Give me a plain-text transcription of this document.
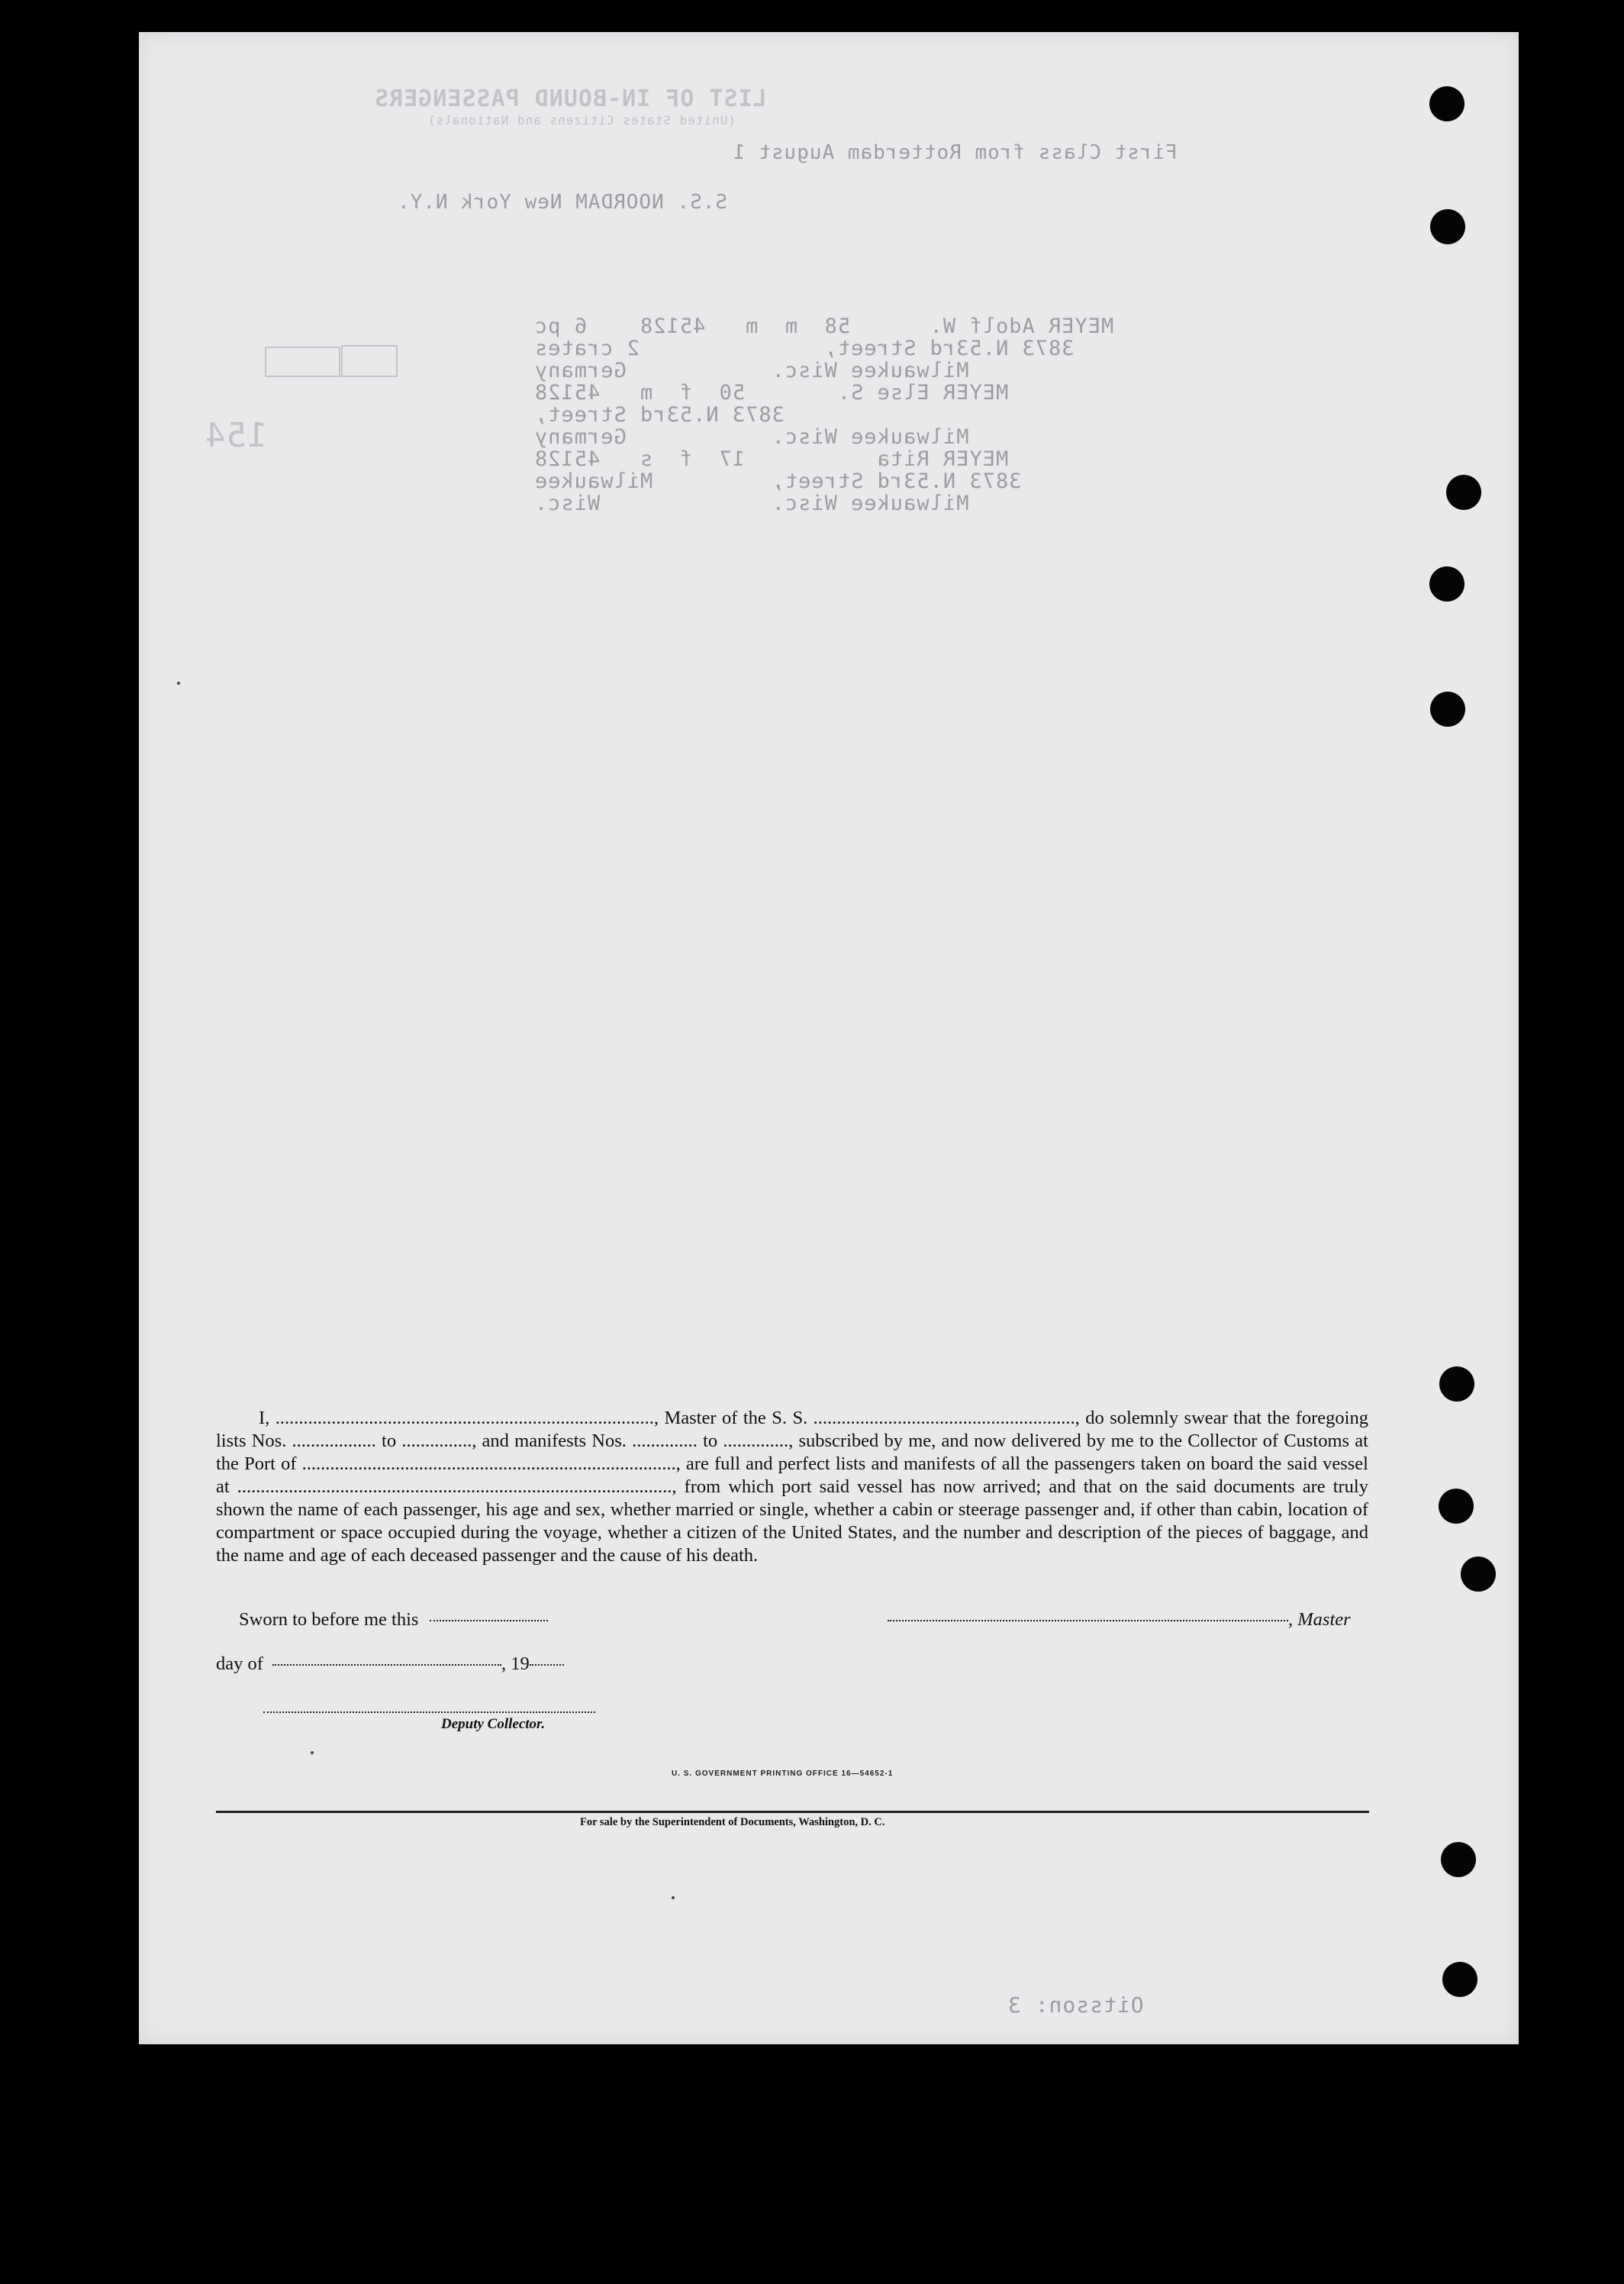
LIST OF IN-BOUND PASSENGERS
(United States Citizens and Nationals)
First Class from Rotterdam August 1
S.S. NOORDAM New York N.Y.
MEYER Adolf W.      58  m  m   45128    6 pc
3873 N.53rd Street,              2 crates
Milwaukee Wisc.           Germany
MEYER Else S.       50  f  m   45128
3873 N.53rd Street,
Milwaukee Wisc.           Germany
MEYER Rita          17  f  s   45128
3873 N.53rd Street,         Milwaukee
Milwaukee Wisc.             Wisc.
154
Oitsson: 3

I, ................................................................................., Master of the S. S. ........................................................, do solemnly swear that the foregoing lists Nos. .................. to ..............., and manifests Nos. .............. to .............., subscribed by me, and now delivered by me to the Collector of Customs at the Port of ................................................................................, are full and perfect lists and manifests of all the passengers taken on board the said vessel at ............................................................................................., from which port said vessel has now arrived; and that on the said documents are truly shown the name of each passenger, his age and sex, whether married or single, whether a cabin or steerage passenger and, if other than cabin, location of compartment or space occupied during the voyage, whether a citizen of the United States, and the number and description of the pieces of baggage, and the name and age of each deceased passenger and the cause of his death.

Sworn to before me this	, Master
day of	, 19
Deputy Collector.
U. S. GOVERNMENT PRINTING OFFICE 16—54652-1
For sale by the Superintendent of Documents, Washington, D. C.
